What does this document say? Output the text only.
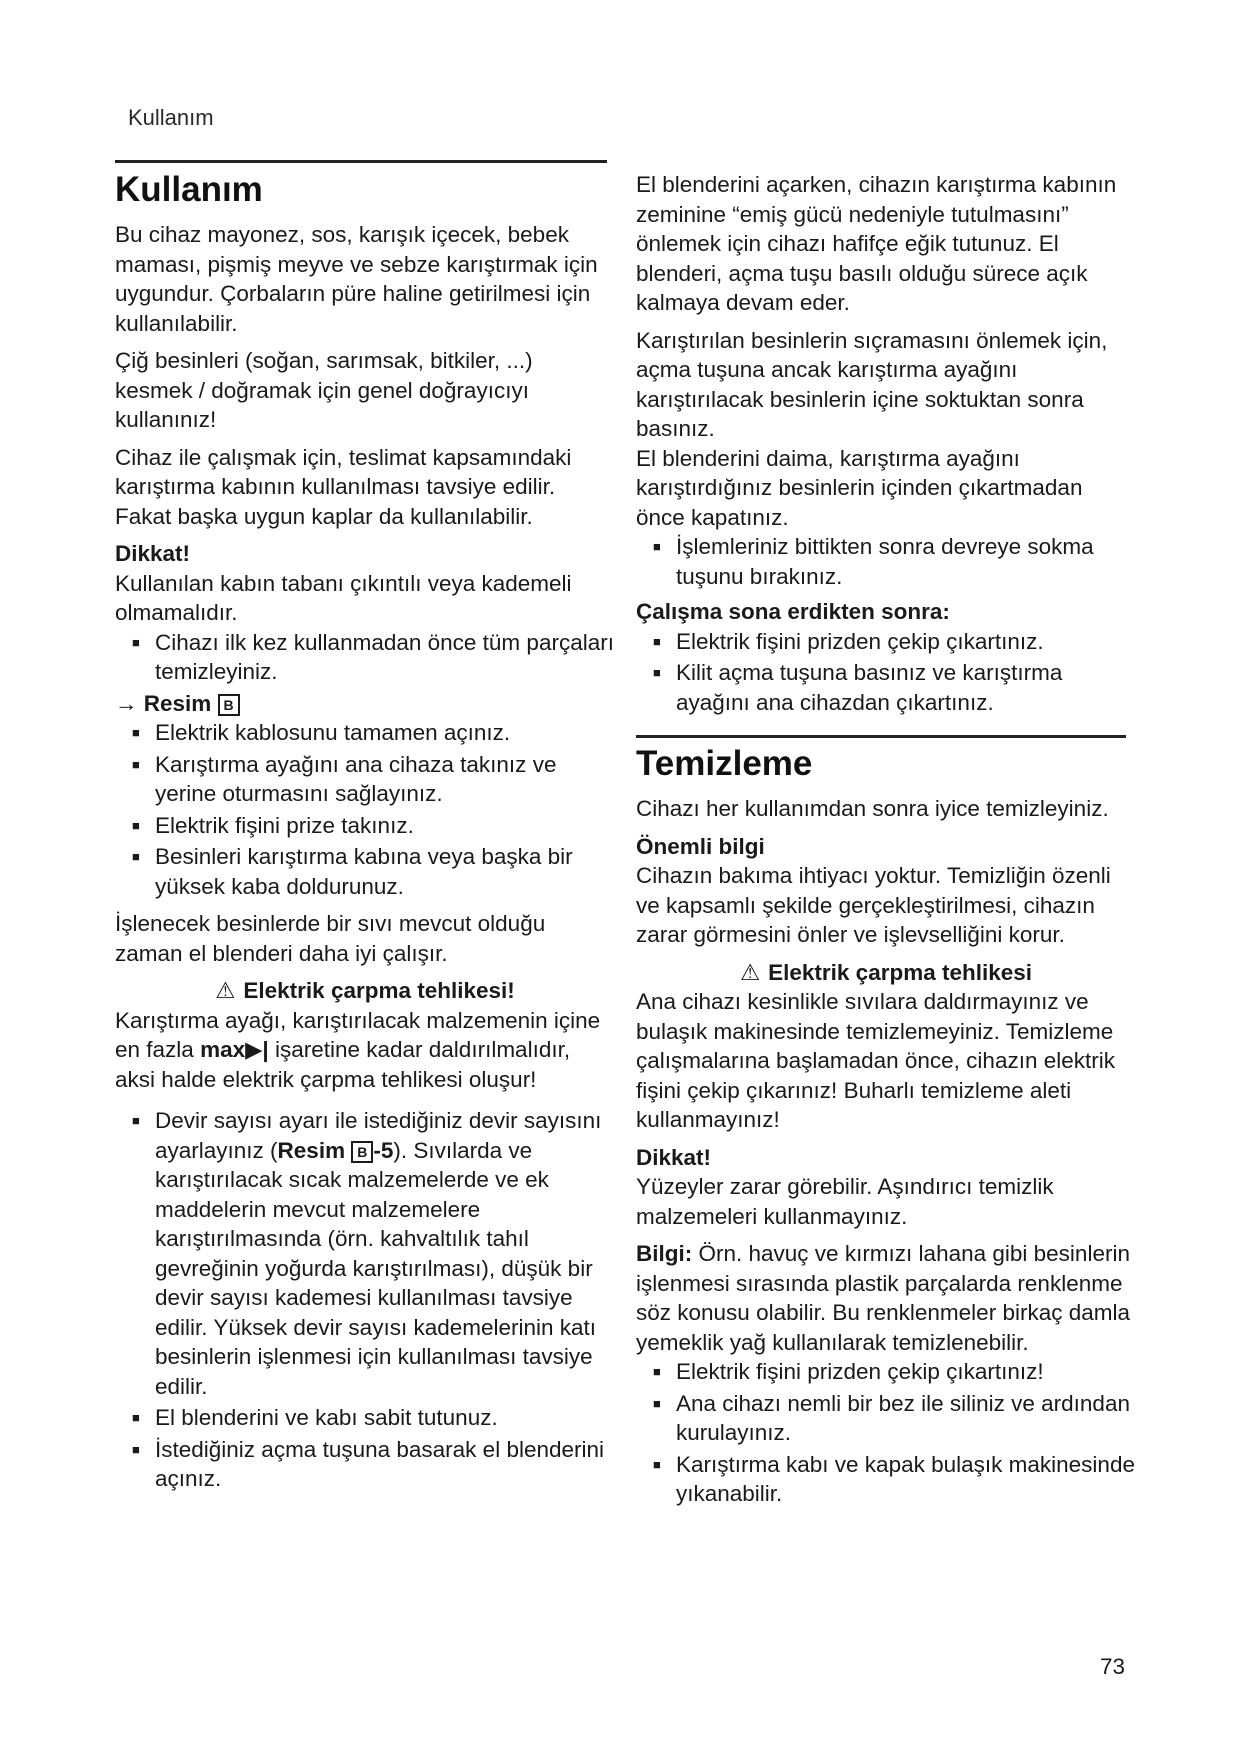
Kullanım
Kullanım

Bu cihaz mayonez, sos, karışık içecek, bebek maması, pişmiş meyve ve sebze karıştırmak için uygundur. Çorbaların püre haline getirilmesi için kullanılabilir.

Çiğ besinleri (soğan, sarımsak, bitkiler, ...) kesmek / doğramak için genel doğrayıcıyı kullanınız!

Cihaz ile çalışmak için, teslimat kapsamındaki karıştırma kabının kullanılması tavsiye edilir. Fakat başka uygun kaplar da kullanılabilir.

Dikkat!

Kullanılan kabın tabanı çıkıntılı veya kademeli olmamalıdır.

■ Cihazı ilk kez kullanmadan önce tüm parçaları temizleyiniz.
→ Resim B
■ Elektrik kablosunu tamamen açınız.
■ Karıştırma ayağını ana cihaza takınız ve yerine oturmasını sağlayınız.
■ Elektrik fişini prize takınız.
■ Besinleri karıştırma kabına veya başka bir yüksek kaba doldurunuz.

İşlenecek besinlerde bir sıvı mevcut olduğu zaman el blenderi daha iyi çalışır.

⚠ Elektrik çarpma tehlikesi!

Karıştırma ayağı, karıştırılacak malzemenin içine en fazla max▶| işaretine kadar daldırılmalıdır, aksi halde elektrik çarpma tehlikesi oluşur!

■ Devir sayısı ayarı ile istediğiniz devir sayısını ayarlayınız (Resim B -5). Sıvılarda ve karıştırılacak sıcak malzemelerde ve ek maddelerin mevcut malzemelere karıştırılmasında (örn. kahvaltılık tahıl gevreğinin yoğurda karıştırılması), düşük bir devir sayısı kademesi kullanılması tavsiye edilir. Yüksek devir sayısı kademelerinin katı besinlerin işlenmesi için kullanılması tavsiye edilir.
■ El blenderini ve kabı sabit tutunuz.
■ İstediğiniz açma tuşuna basarak el blenderini açınız.

El blenderini açarken, cihazın karıştırma kabının zeminine “emiş gücü nedeniyle tutulmasını” önlemek için cihazı hafifçe eğik tutunuz. El blenderi, açma tuşu basılı olduğu sürece açık kalmaya devam eder.

Karıştırılan besinlerin sıçramasını önlemek için, açma tuşuna ancak karıştırma ayağını karıştırılacak besinlerin içine soktuktan sonra basınız.

El blenderini daima, karıştırma ayağını karıştırdığınız besinlerin içinden çıkartmadan önce kapatınız.

■ İşlemleriniz bittikten sonra devreye sokma tuşunu bırakınız.
Çalışma sona erdikten sonra:
■ Elektrik fişini prizden çekip çıkartınız.
■ Kilit açma tuşuna basınız ve karıştırma ayağını ana cihazdan çıkartınız.
Temizleme

Cihazı her kullanımdan sonra iyice temizleyiniz.

Önemli bilgi

Cihazın bakıma ihtiyacı yoktur. Temizliğin özenli ve kapsamlı şekilde gerçekleştirilmesi, cihazın zarar görmesini önler ve işlevselliğini korur.

⚠ Elektrik çarpma tehlikesi

Ana cihazı kesinlikle sıvılara daldırmayınız ve bulaşık makinesinde temizlemeyiniz. Temizleme çalışmalarına başlamadan önce, cihazın elektrik fişini çekip çıkarınız! Buharlı temizleme aleti kullanmayınız!

Dikkat!

Yüzeyler zarar görebilir. Aşındırıcı temizlik malzemeleri kullanmayınız.

Bilgi: Örn. havuç ve kırmızı lahana gibi besinlerin işlenmesi sırasında plastik parçalarda renklenme söz konusu olabilir. Bu renklenmeler birkaç damla yemeklik yağ kullanılarak temizlenebilir.

■ Elektrik fişini prizden çekip çıkartınız!
■ Ana cihazı nemli bir bez ile siliniz ve ardından kurulayınız.
■ Karıştırma kabı ve kapak bulaşık makinesinde yıkanabilir.
73
